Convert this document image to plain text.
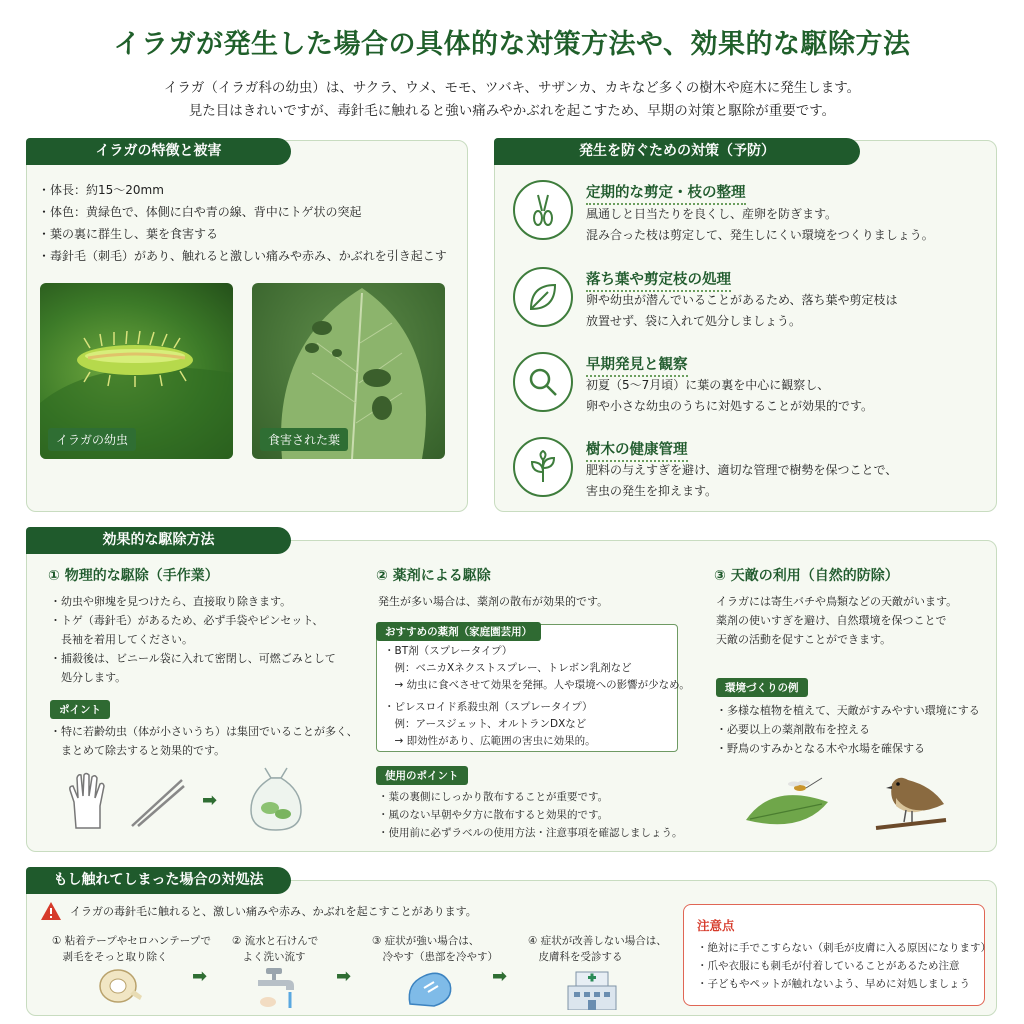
イラガが発生した場合の具体的な対策方法や、効果的な駆除方法
イラガ（イラガ科の幼虫）は、サクラ、ウメ、モモ、ツバキ、サザンカ、カキなど多くの樹木や庭木に発生します。
見た目はきれいですが、毒針毛に触れると強い痛みやかぶれを起こすため、早期の対策と駆除が重要です。
イラガの特徴と被害
・体長：約15〜20mm
・体色：黄緑色で、体側に白や青の線、背中にトゲ状の突起
・葉の裏に群生し、葉を食害する
・毒針毛（刺毛）があり、触れると激しい痛みや赤み、かぶれを引き起こす
イラガの幼虫	食害された葉
発生を防ぐための対策（予防）
定期的な剪定・枝の整理
風通しと日当たりを良くし、産卵を防ぎます。
混み合った枝は剪定して、発生しにくい環境をつくりましょう。
落ち葉や剪定枝の処理
卵や幼虫が潜んでいることがあるため、落ち葉や剪定枝は
放置せず、袋に入れて処分しましょう。
早期発見と観察
初夏（5〜7月頃）に葉の裏を中心に観察し、
卵や小さな幼虫のうちに対処することが効果的です。
樹木の健康管理
肥料の与えすぎを避け、適切な管理で樹勢を保つことで、
害虫の発生を抑えます。
効果的な駆除方法
① 物理的な駆除（手作業）
・幼虫や卵塊を見つけたら、直接取り除きます。
・トゲ（毒針毛）があるため、必ず手袋やピンセット、
　長袖を着用してください。
・捕殺後は、ビニール袋に入れて密閉し、可燃ごみとして
　処分します。
ポイント
・特に若齢幼虫（体が小さいうち）は集団でいることが多く、
　まとめて除去すると効果的です。
➡
② 薬剤による駆除
発生が多い場合は、薬剤の散布が効果的です。
おすすめの薬剤（家庭園芸用）
・BT剤（スプレータイプ）
　例：ベニカXネクストスプレー、トレボン乳剤など
　→ 幼虫に食べさせて効果を発揮。人や環境への影響が少なめ。
・ピレスロイド系殺虫剤（スプレータイプ）
　例：アースジェット、オルトランDXなど
　→ 即効性があり、広範囲の害虫に効果的。
使用のポイント
・葉の裏側にしっかり散布することが重要です。
・風のない早朝や夕方に散布すると効果的です。
・使用前に必ずラベルの使用方法・注意事項を確認しましょう。
③ 天敵の利用（自然的防除）
イラガには寄生バチや鳥類などの天敵がいます。
薬剤の使いすぎを避け、自然環境を保つことで
天敵の活動を促すことができます。
環境づくりの例
・多様な植物を植えて、天敵がすみやすい環境にする
・必要以上の薬剤散布を控える
・野鳥のすみかとなる木や水場を確保する
もし触れてしまった場合の対処法
イラガの毒針毛に触れると、激しい痛みや赤み、かぶれを起こすことがあります。
① 粘着テープやセロハンテープで
　剥毛をそっと取り除く
② 流水と石けんで
　よく洗い流す
③ 症状が強い場合は、
　冷やす（患部を冷やす）
④ 症状が改善しない場合は、
　皮膚科を受診する
➡	➡	➡
注意点
・絶対に手でこすらない（刺毛が皮膚に入る原因になります）
・爪や衣服にも刺毛が付着していることがあるため注意
・子どもやペットが触れないよう、早めに対処しましょう
